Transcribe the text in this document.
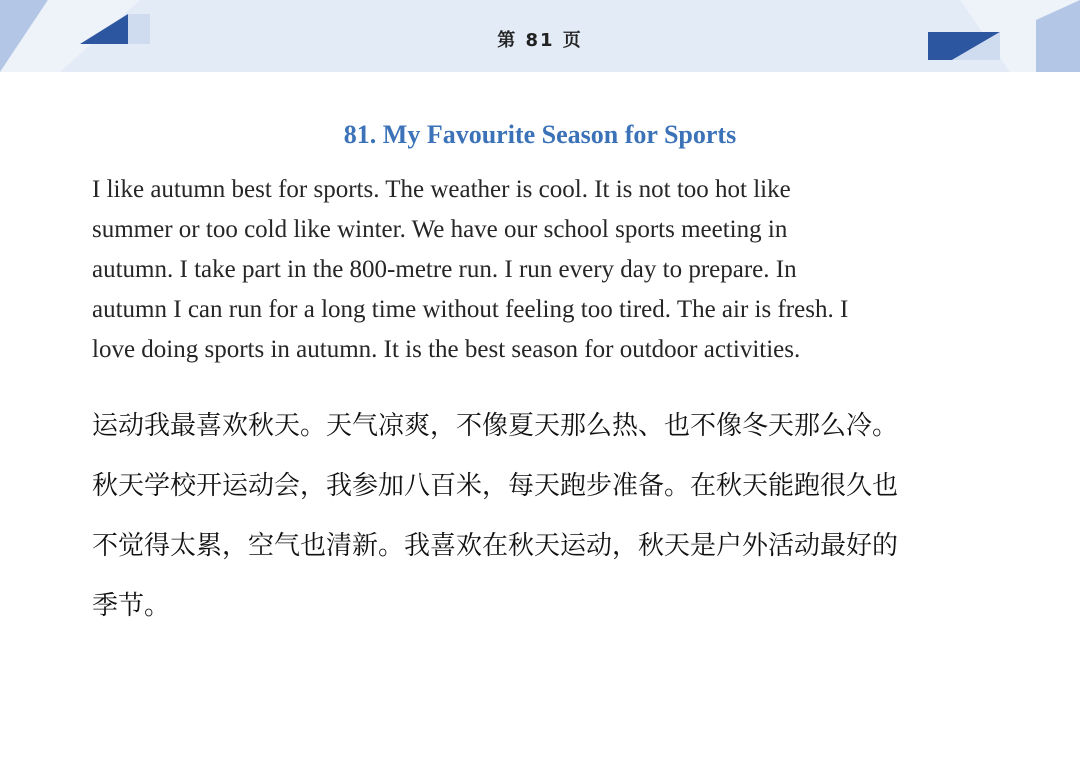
第 81 页
81. My Favourite Season for Sports
I like autumn best for sports. The weather is cool. It is not too hot like
summer or too cold like winter. We have our school sports meeting in
autumn. I take part in the 800-metre run. I run every day to prepare. In
autumn I can run for a long time without feeling too tired. The air is fresh. I
love doing sports in autumn. It is the best season for outdoor activities.
运动我最喜欢秋天。天气凉爽，不像夏天那么热、也不像冬天那么冷。
秋天学校开运动会，我参加八百米，每天跑步准备。在秋天能跑很久也
不觉得太累，空气也清新。我喜欢在秋天运动，秋天是户外活动最好的
季节。
